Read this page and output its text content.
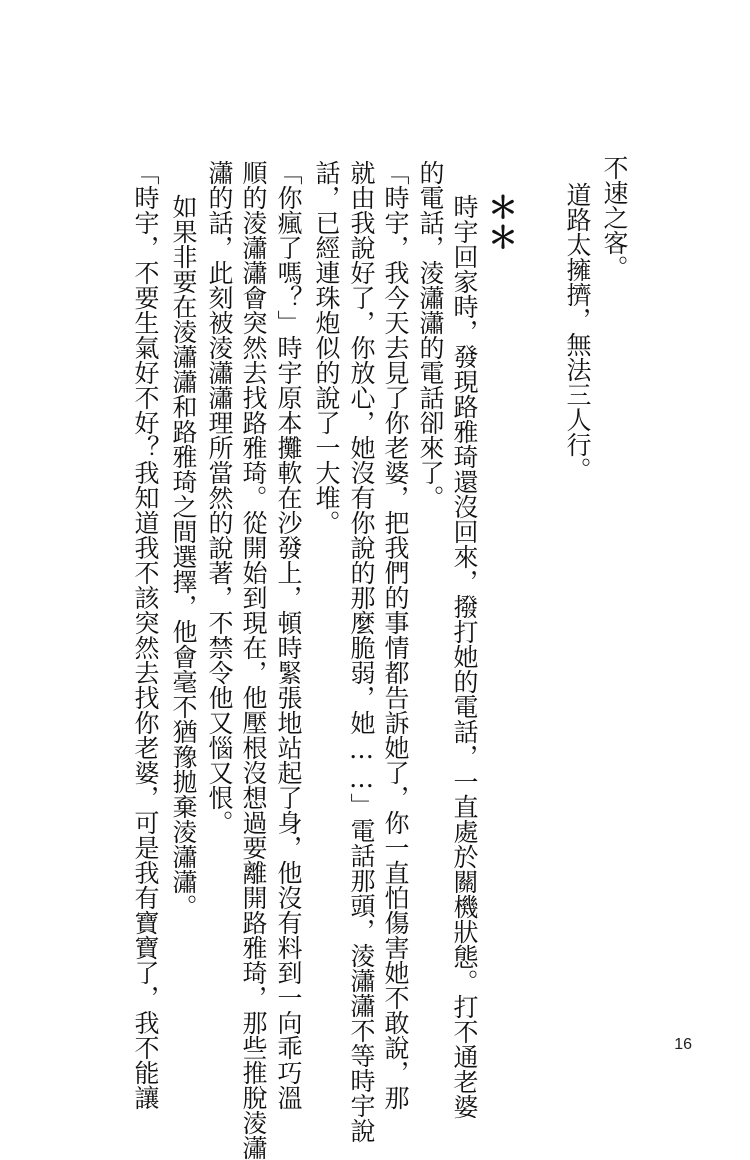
不速之客。
道路太擁擠，無法三人行。
＊＊
時宇回家時，發現路雅琦還沒回來，撥打她的電話，一直處於關機狀態。打不通老婆
的電話，淩瀟瀟的電話卻來了。
「時宇，我今天去見了你老婆，把我們的事情都告訴她了，你一直怕傷害她不敢說，那
就由我說好了，你放心，她沒有你說的那麼脆弱，她……」電話那頭，淩瀟瀟不等時宇說
話，已經連珠炮似的說了一大堆。
「你瘋了嗎？」時宇原本攤軟在沙發上，頓時緊張地站起了身，他沒有料到一向乖巧溫
順的淩瀟瀟會突然去找路雅琦。從開始到現在，他壓根沒想過要離開路雅琦，那些推脫淩瀟
瀟的話，此刻被淩瀟瀟理所當然的說著，不禁令他又惱又恨。
如果非要在淩瀟瀟和路雅琦之間選擇，他會毫不猶豫拋棄淩瀟瀟。
「時宇，不要生氣好不好？我知道我不該突然去找你老婆，可是我有寶寶了，我不能讓	16
